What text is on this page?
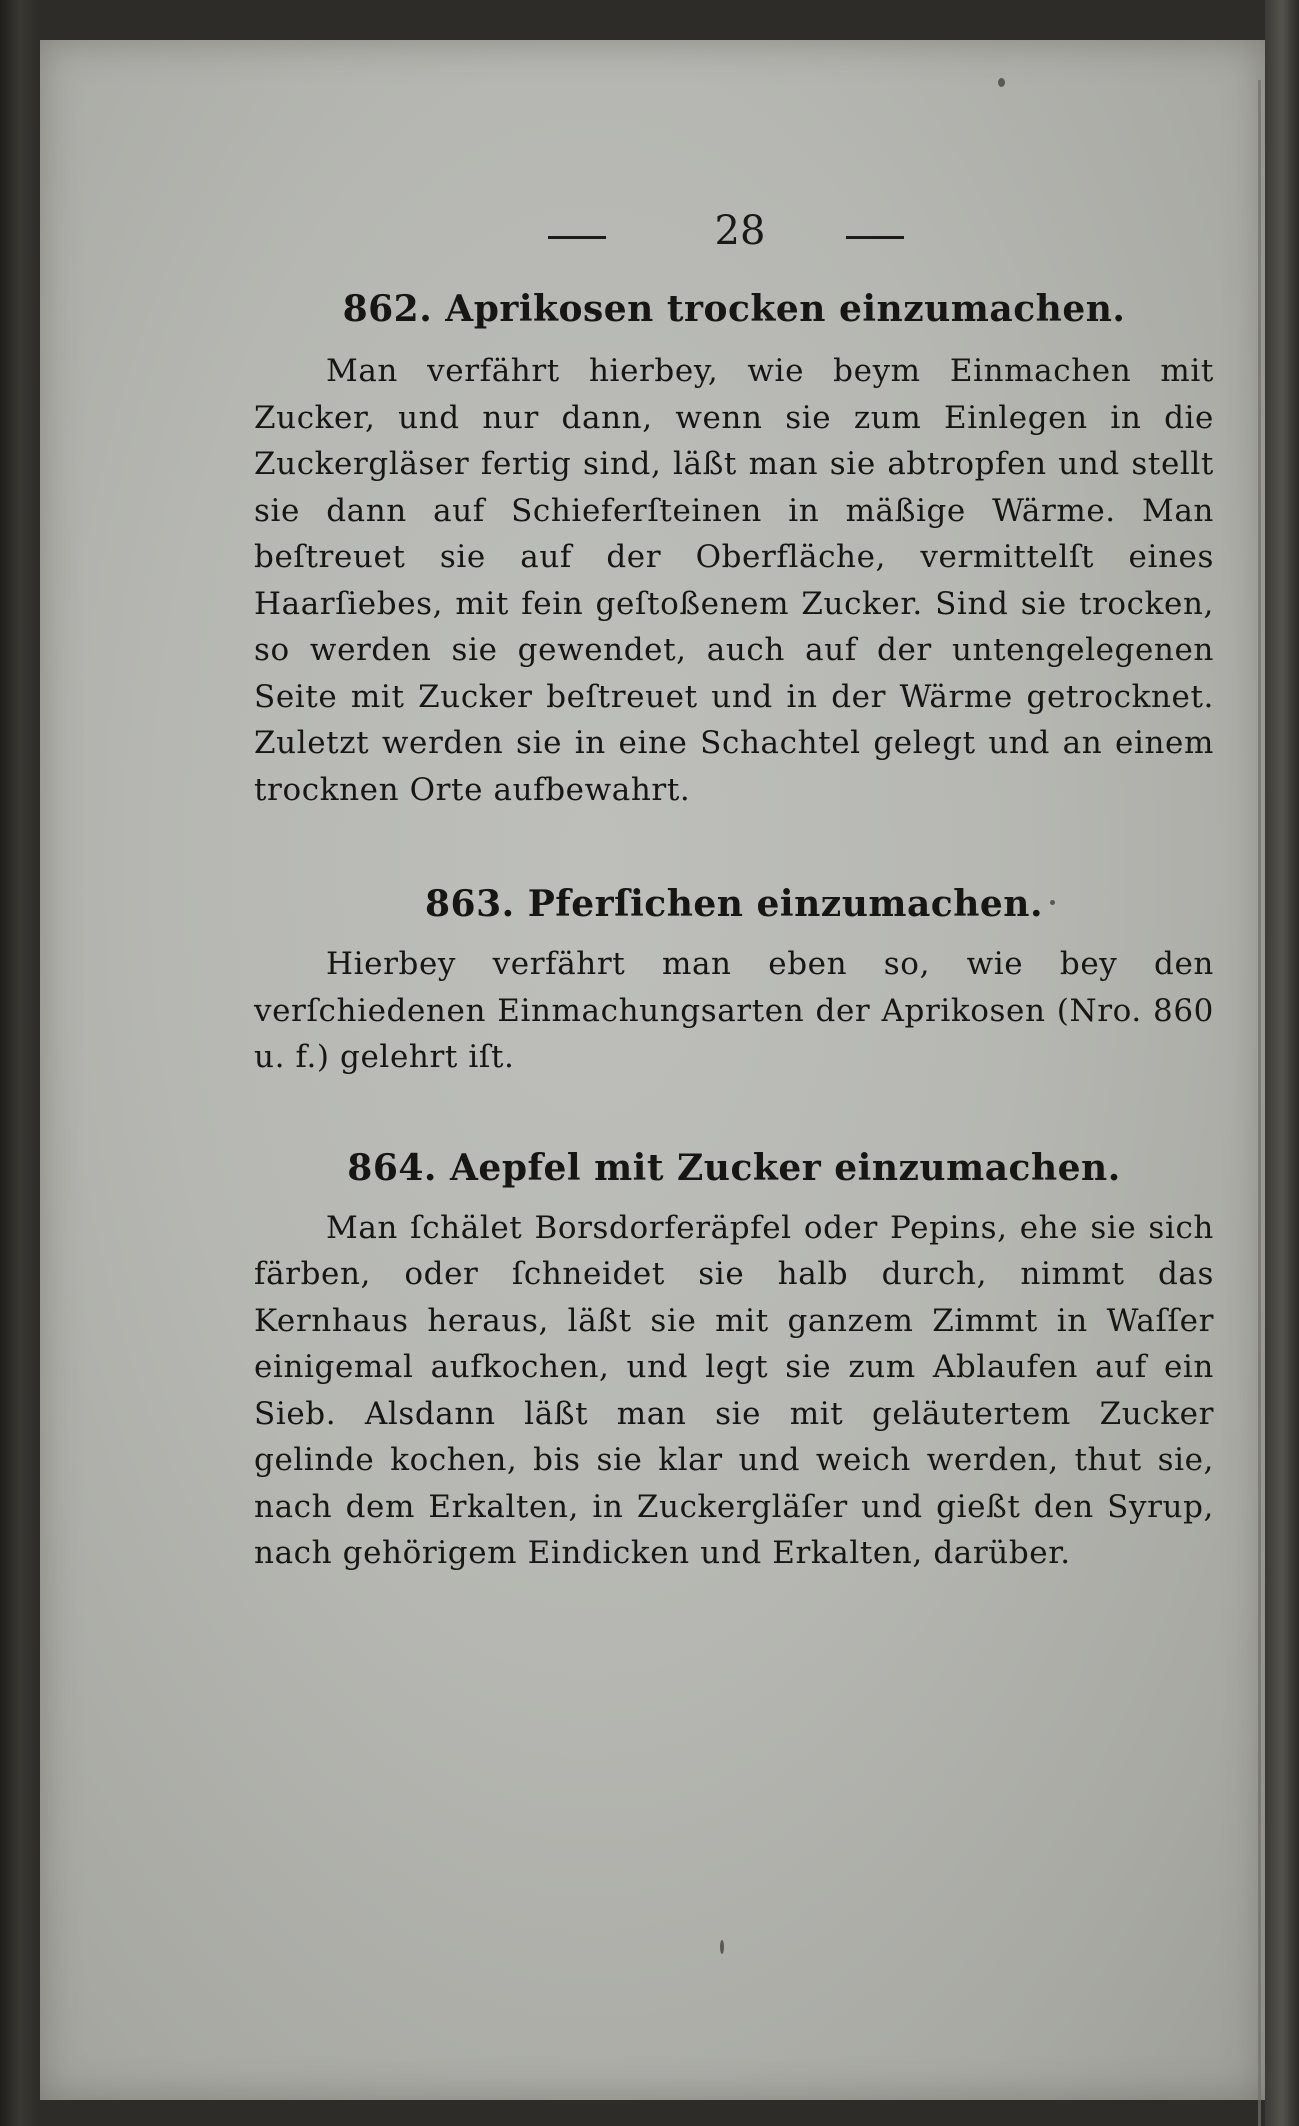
28
862. Aprikosen trocken einzumachen.

Man verfährt hierbey, wie beym Einmachen mit Zucker, und nur dann, wenn sie zum Einlegen in die Zuckergläser fertig sind, läßt man sie abtropfen und stellt sie dann auf Schieferſteinen in mäßige Wärme. Man beſtreuet sie auf der Oberfläche, vermittelſt eines Haarſiebes, mit fein geſtoßenem Zucker. Sind sie trocken, so werden sie gewendet, auch auf der untengelegenen Seite mit Zucker beſtreuet und in der Wärme getrocknet. Zuletzt werden sie in eine Schachtel gelegt und an einem trocknen Orte aufbewahrt.

863. Pferſichen einzumachen.

Hierbey verfährt man eben so, wie bey den verſchiedenen Einmachungsarten der Aprikosen (Nro. 860 u. f.) gelehrt iſt.

864. Aepfel mit Zucker einzumachen.

Man ſchälet Borsdorferäpfel oder Pepins, ehe sie sich färben, oder ſchneidet sie halb durch, nimmt das Kernhaus heraus, läßt sie mit ganzem Zimmt in Waſſer einigemal aufkochen, und legt sie zum Ablaufen auf ein Sieb. Alsdann läßt man sie mit geläutertem Zucker gelinde kochen, bis sie klar und weich werden, thut sie, nach dem Erkalten, in Zuckergläſer und gießt den Syrup, nach gehörigem Eindicken und Erkalten, darüber.
